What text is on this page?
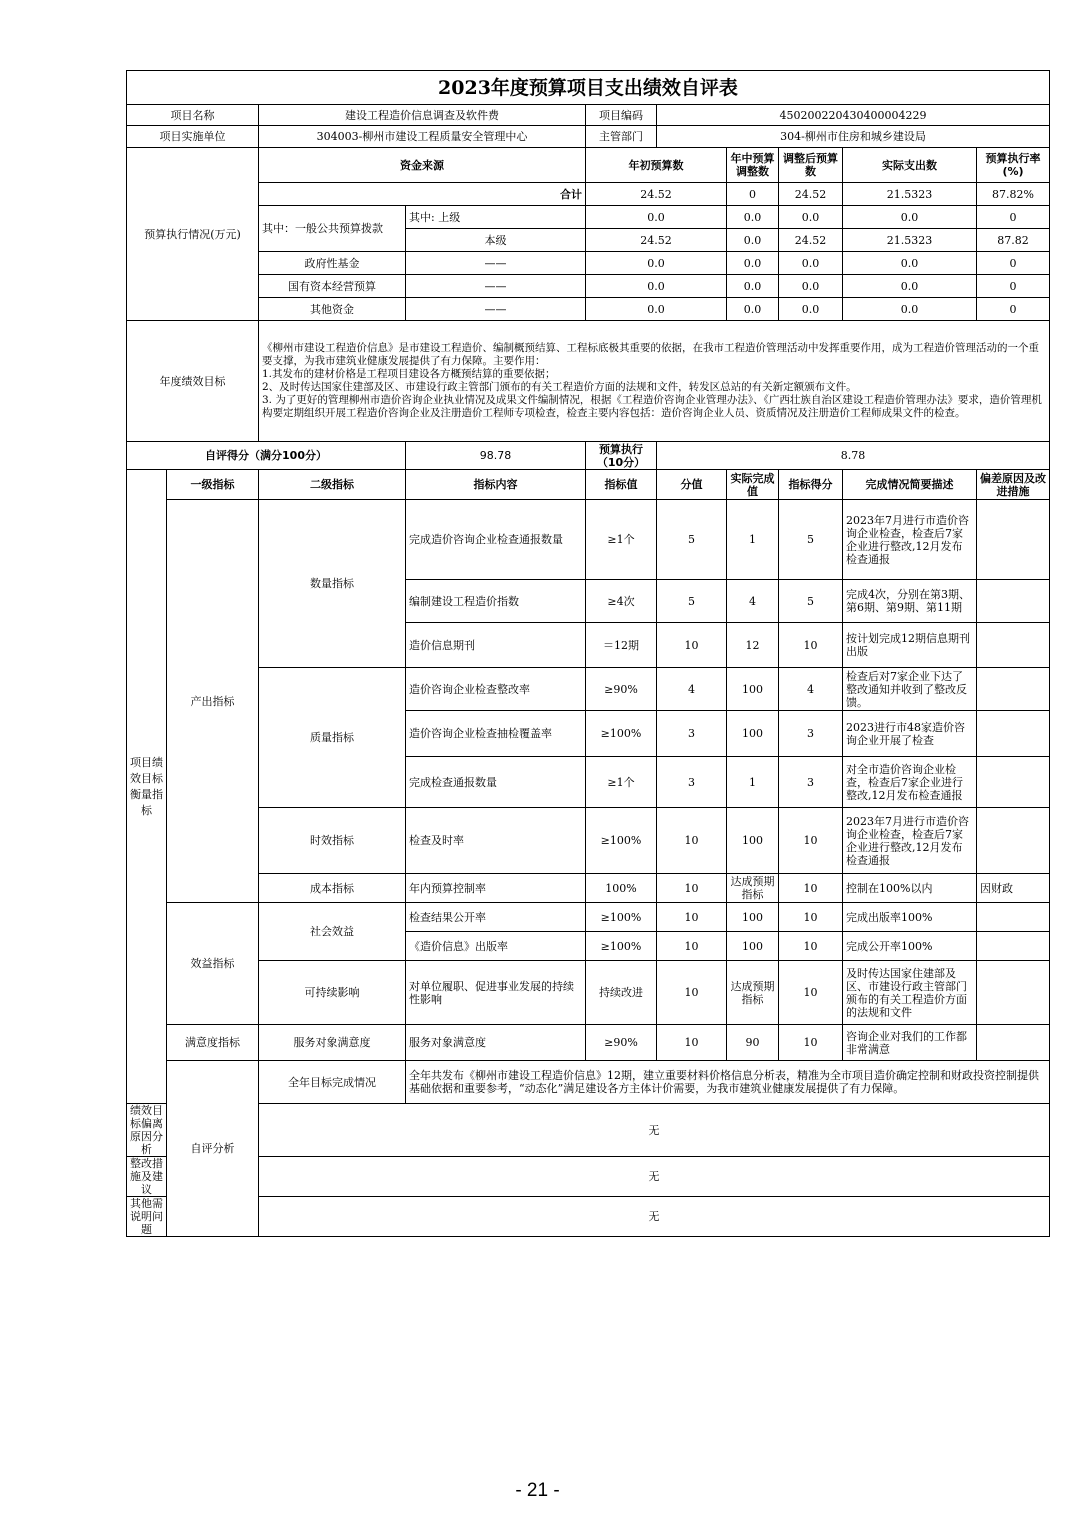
2023年度预算项目支出绩效自评表									
项目名称		建设工程造价信息调查及软件费		项目编码	450200220430400004229				
项目实施单位		304003-柳州市建设工程质量安全管理中心		主管部门	304-柳州市住房和城乡建设局				
预算执行情况(万元)		资金来源		年初预算数		年中预算调整数	调整后预算数	实际支出数	预算执行率(%)
		合计		24.52		0	24.52	21.5323	87.82%
		其中：一般公共预算拨款	其中: 上级	0.0		0.0	0.0	0.0	0
			本级	24.52		0.0	24.52	21.5323	87.82
		政府性基金	——	0.0		0.0	0.0	0.0	0
		国有资本经营预算	——	0.0		0.0	0.0	0.0	0
		其他资金	——	0.0		0.0	0.0	0.0	0
年度绩效目标		《柳州市建设工程造价信息》是市建设工程造价、编制概预结算、工程标底极其重要的依据，在我市工程造价管理活动中发挥重要作用，成为工程造价管理活动的一个重要支撑，为我市建筑业健康发展提供了有力保障。主要作用：
1.其发布的建材价格是工程项目建设各方概预结算的重要依据；
2、及时传达国家住建部及区、市建设行政主管部门颁布的有关工程造价方面的法规和文件，转发区总站的有关新定额颁布文件。
3. 为了更好的管理柳州市造价咨询企业执业情况及成果文件编制情况，根据《工程造价咨询企业管理办法》、《广西壮族自治区建设工程造价管理办法》要求，造价管理机构要定期组织开展工程造价咨询企业及注册造价工程师专项检查，检查主要内容包括：造价咨询企业人员、资质情况及注册造价工程师成果文件的检查。							
自评得分（满分100分）			98.78	预算执行（10分）	8.78				
项目绩效目标衡量指标	一级指标	二级指标	指标内容	指标值	分值	实际完成值	指标得分	完成情况简要描述	偏差原因及改进措施
	产出指标	数量指标	完成造价咨询企业检查通报数量	≥1个	5	1	5	2023年7月进行市造价咨询企业检查，检查后7家企业进行整改,12月发布检查通报	
			编制建设工程造价指数	≥4次	5	4	5	完成4次，分别在第3期、第6期、第9期、第11期	
			造价信息期刊	＝12期	10	12	10	按计划完成12期信息期刊出版	
		质量指标	造价咨询企业检查整改率	≥90%	4	100	4	检查后对7家企业下达了整改通知并收到了整改反馈。	
			造价咨询企业检查抽检覆盖率	≥100%	3	100	3	2023进行市48家造价咨询企业开展了检查	
			完成检查通报数量	≥1个	3	1	3	对全市造价咨询企业检查，检查后7家企业进行整改,12月发布检查通报	
		时效指标	检查及时率	≥100%	10	100	10	2023年7月进行市造价咨询企业检查，检查后7家企业进行整改,12月发布检查通报	
		成本指标	年内预算控制率	100%	10	达成预期指标	10	控制在100%以内	因财政
	效益指标	社会效益	检查结果公开率	≥100%	10	100	10	完成出版率100%	
			《造价信息》出版率	≥100%	10	100	10	完成公开率100%	
		可持续影响	对单位履职、促进事业发展的持续性影响	持续改进	10	达成预期指标	10	及时传达国家住建部及区、市建设行政主管部门颁布的有关工程造价方面的法规和文件	
	满意度指标	服务对象满意度	服务对象满意度	≥90%	10	90	10	咨询企业对我们的工作都非常满意	
	自评分析	全年目标完成情况	全年共发布《柳州市建设工程造价信息》12期，建立重要材料价格信息分析表，精准为全市项目造价确定控制和财政投资控制提供基础依据和重要参考，“动态化”满足建设各方主体计价需要，为我市建筑业健康发展提供了有力保障。						
绩效目标偏离原因分析		无							
整改措施及建议		无							
其他需说明问题		无							
- 21 -
